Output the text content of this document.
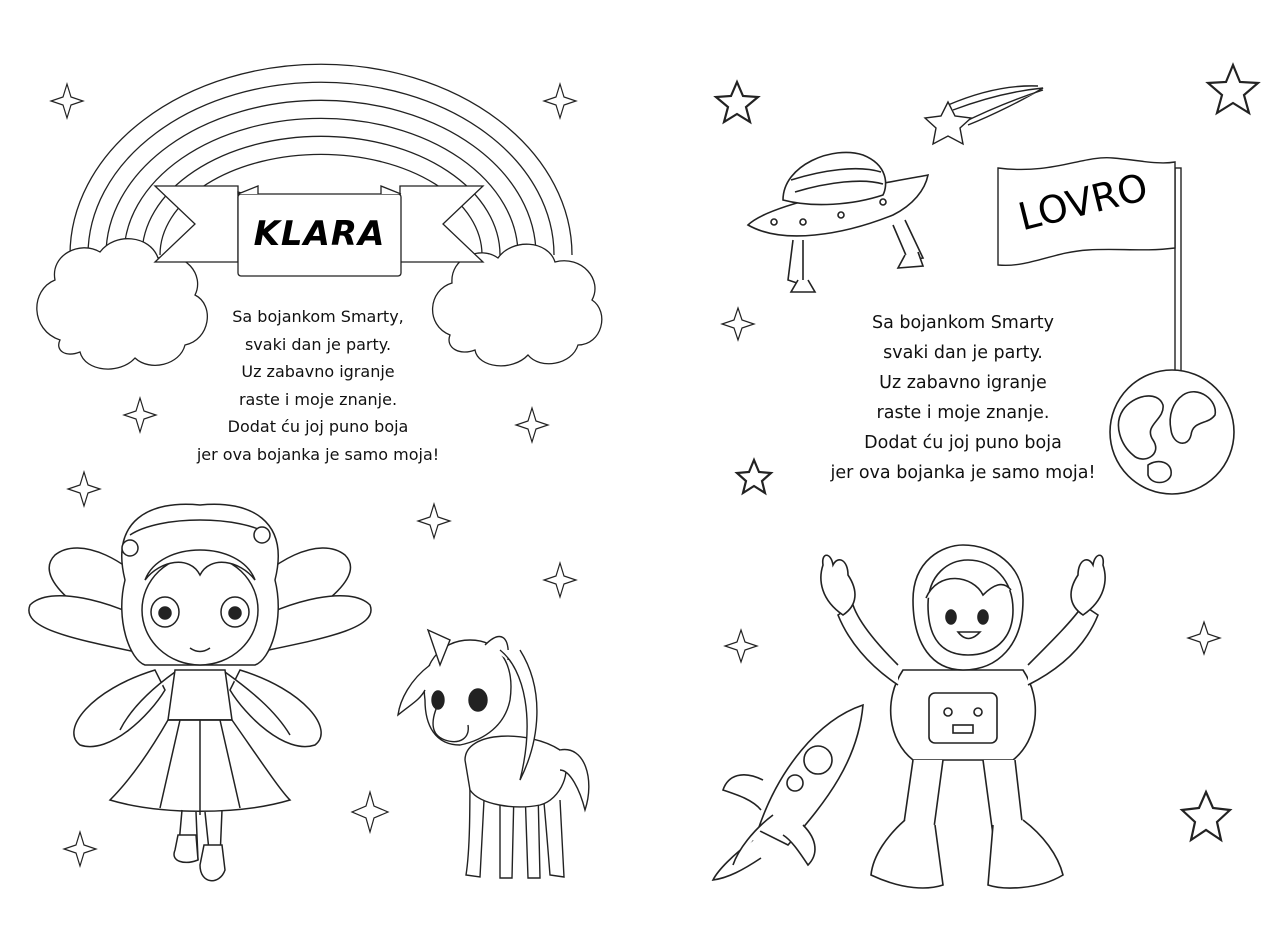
KLARA
Sa bojankom Smarty,
svaki dan je party.
Uz zabavno igranje
raste i moje znanje.
Dodat ću joj puno boja
jer ova bojanka je samo moja!
LOVRO
Sa bojankom Smarty
svaki dan je party.
Uz zabavno igranje
raste i moje znanje.
Dodat ću joj puno boja
jer ova bojanka je samo moja!
